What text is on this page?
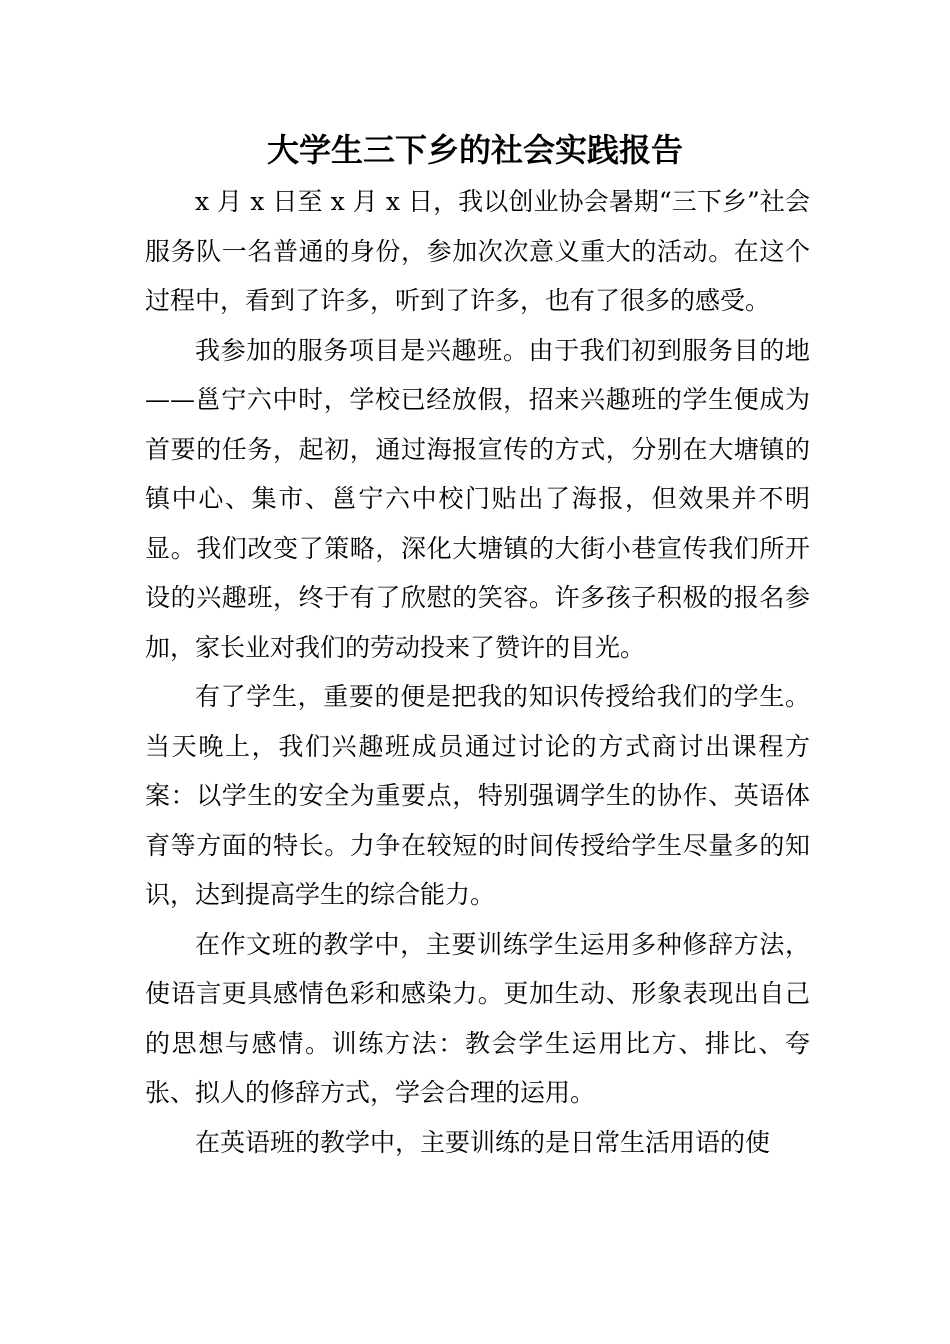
大学生三下乡的社会实践报告

x 月 x 日至 x 月 x 日，我以创业协会暑期“三下乡”社会服务队一名普通的身份，参加次次意义重大的活动。在这个过程中，看到了许多，听到了许多，也有了很多的感受。

我参加的服务项目是兴趣班。由于我们初到服务目的地——邕宁六中时，学校已经放假，招来兴趣班的学生便成为首要的任务，起初，通过海报宣传的方式，分别在大塘镇的镇中心、集市、邕宁六中校门贴出了海报，但效果并不明显。我们改变了策略，深化大塘镇的大街小巷宣传我们所开设的兴趣班，终于有了欣慰的笑容。许多孩子积极的报名参加，家长业对我们的劳动投来了赞许的目光。

有了学生，重要的便是把我的知识传授给我们的学生。当天晚上，我们兴趣班成员通过讨论的方式商讨出课程方案：以学生的安全为重要点，特别强调学生的协作、英语体育等方面的特长。力争在较短的时间传授给学生尽量多的知识，达到提高学生的综合能力。

在作文班的教学中，主要训练学生运用多种修辞方法，使语言更具感情色彩和感染力。更加生动、形象表现出自己的思想与感情。训练方法：教会学生运用比方、排比、夸张、拟人的修辞方式，学会合理的运用。

在英语班的教学中，主要训练的是日常生活用语的使
